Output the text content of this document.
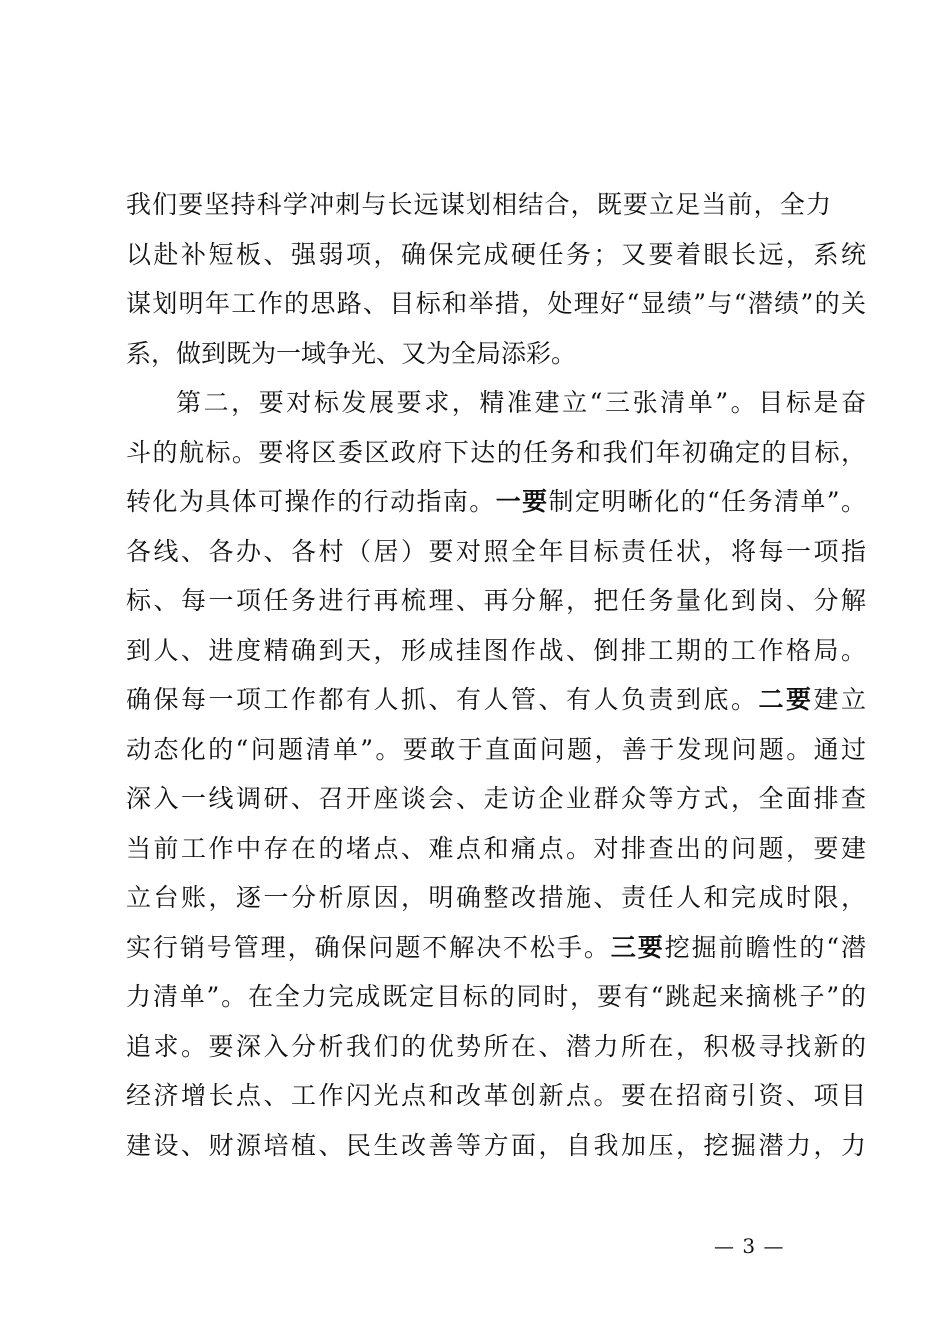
我们要坚持科学冲刺与长远谋划相结合，既要立足当前，全力
以赴补短板、强弱项，确保完成硬任务；又要着眼长远，系统
谋划明年工作的思路、目标和举措，处理好“显绩”与“潜绩”的关
系，做到既为一域争光、又为全局添彩。
第二，要对标发展要求，精准建立“三张清单”。目标是奋
斗的航标。要将区委区政府下达的任务和我们年初确定的目标，
转化为具体可操作的行动指南。一要制定明晰化的“任务清单”。
各线、各办、各村（居）要对照全年目标责任状，将每一项指
标、每一项任务进行再梳理、再分解，把任务量化到岗、分解
到人、进度精确到天，形成挂图作战、倒排工期的工作格局。
确保每一项工作都有人抓、有人管、有人负责到底。二要建立
动态化的“问题清单”。要敢于直面问题，善于发现问题。通过
深入一线调研、召开座谈会、走访企业群众等方式，全面排查
当前工作中存在的堵点、难点和痛点。对排查出的问题，要建
立台账，逐一分析原因，明确整改措施、责任人和完成时限，
实行销号管理，确保问题不解决不松手。三要挖掘前瞻性的“潜
力清单”。在全力完成既定目标的同时，要有“跳起来摘桃子”的
追求。要深入分析我们的优势所在、潜力所在，积极寻找新的
经济增长点、工作闪光点和改革创新点。要在招商引资、项目
建设、财源培植、民生改善等方面，自我加压，挖掘潜力，力
— 3 —
